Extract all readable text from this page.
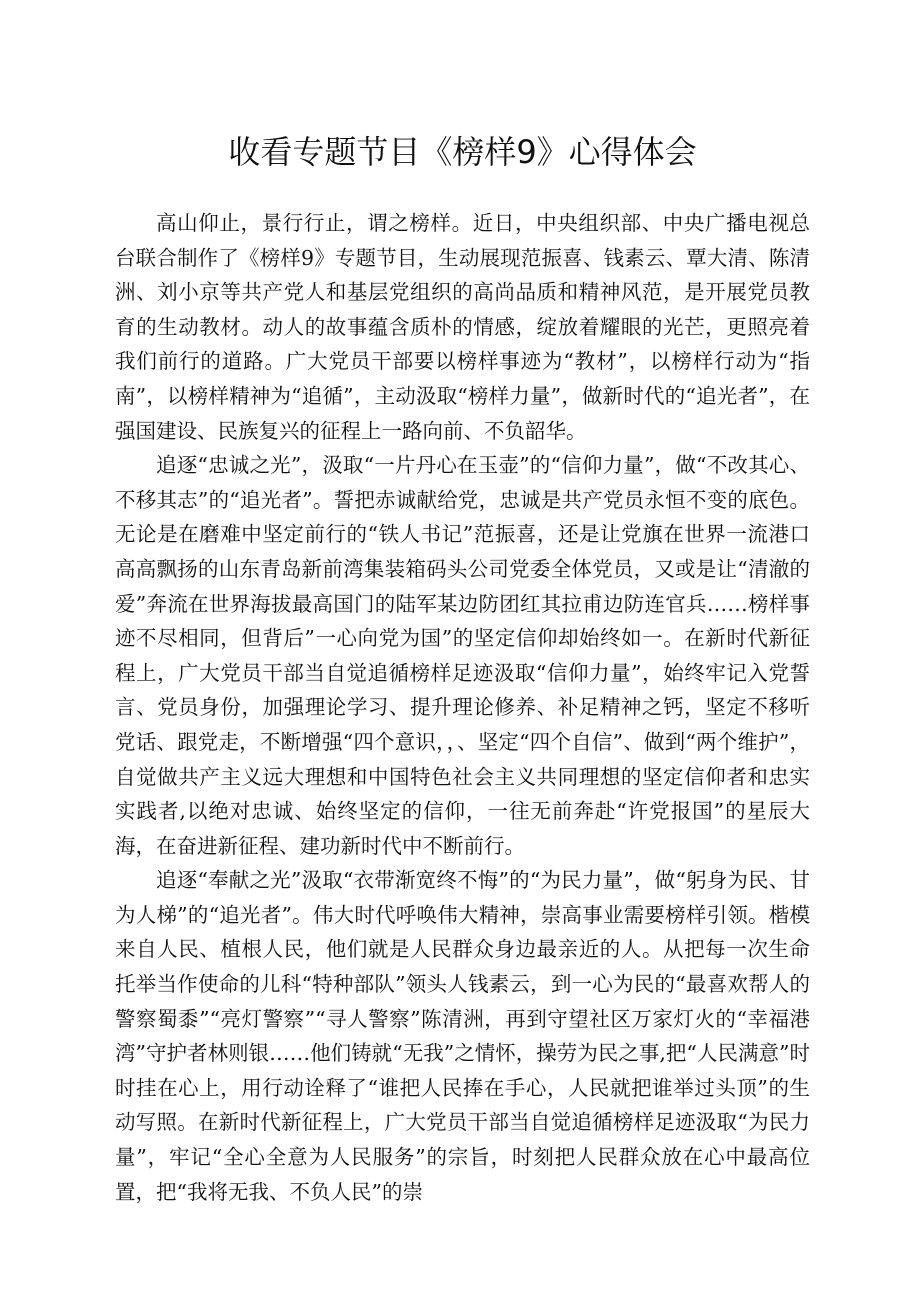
收看专题节目《榜样9》心得体会

高山仰止，景行行止，谓之榜样。近日，中央组织部、中央广播电视总台联合制作了《榜样9》专题节目，生动展现范振喜、钱素云、覃大清、陈清洲、刘小京等共产党人和基层党组织的高尚品质和精神风范，是开展党员教育的生动教材。动人的故事蕴含质朴的情感，绽放着耀眼的光芒，更照亮着我们前行的道路。广大党员干部要以榜样事迹为“教材”，以榜样行动为“指南”，以榜样精神为“追循”，主动汲取“榜样力量”，做新时代的“追光者”，在强国建设、民族复兴的征程上一路向前、不负韶华。

追逐“忠诚之光”，汲取“一片丹心在玉壶”的“信仰力量”，做“不改其心、不移其志”的“追光者”。誓把赤诚献给党，忠诚是共产党员永恒不变的底色。无论是在磨难中坚定前行的“铁人书记”范振喜，还是让党旗在世界一流港口高高飘扬的山东青岛新前湾集装箱码头公司党委全体党员，又或是让“清澈的爱”奔流在世界海拔最高国门的陆军某边防团红其拉甫边防连官兵……榜样事迹不尽相同，但背后”一心向党为国”的坚定信仰却始终如一。在新时代新征程上，广大党员干部当自觉追循榜样足迹汲取“信仰力量”，始终牢记入党誓言、党员身份，加强理论学习、提升理论修养、补足精神之钙，坚定不移听党话、跟党走，不断增强“四个意识，，、坚定“四个自信”、做到“两个维护”，自觉做共产主义远大理想和中国特色社会主义共同理想的坚定信仰者和忠实实践者,以绝对忠诚、始终坚定的信仰，一往无前奔赴“许党报国”的星辰大海，在奋进新征程、建功新时代中不断前行。

追逐“奉献之光”汲取“衣带渐宽终不悔”的“为民力量”，做“躬身为民、甘为人梯”的“追光者”。伟大时代呼唤伟大精神，崇高事业需要榜样引领。楷模来自人民、植根人民，他们就是人民群众身边最亲近的人。从把每一次生命托举当作使命的儿科“特种部队”领头人钱素云，到一心为民的“最喜欢帮人的警察蜀黍”“亮灯警察”“寻人警察”陈清洲，再到守望社区万家灯火的“幸福港湾”守护者林则银……他们铸就“无我”之情怀，操劳为民之事,把“人民满意”时时挂在心上，用行动诠释了“谁把人民捧在手心，人民就把谁举过头顶”的生动写照。在新时代新征程上，广大党员干部当自觉追循榜样足迹汲取“为民力量”，牢记“全心全意为人民服务”的宗旨，时刻把人民群众放在心中最高位置，把“我将无我、不负人民”的崇
